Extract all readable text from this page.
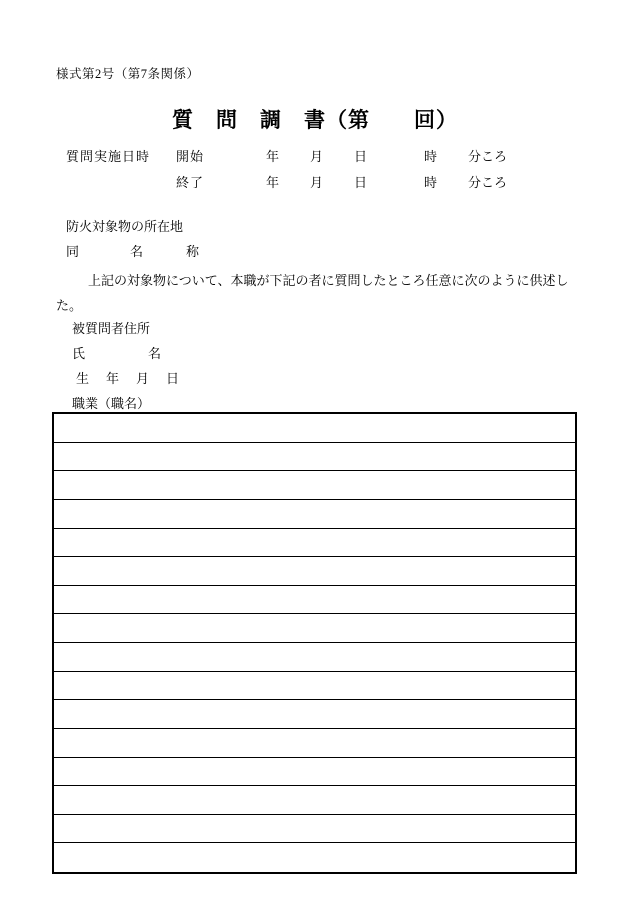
様式第2号（第7条関係）
質　問　調　書（第　　回）
質問実施日時 開始	年 月 日	時 分ころ
終了	年 月 日	時 分ころ
防火対象物の所在地
同	名	称
上記の対象物について、本職が下記の者に質問したところ任意に次のように供述し
た。
被質問者住所
氏	名
生　年　月　日
職業（職名）
